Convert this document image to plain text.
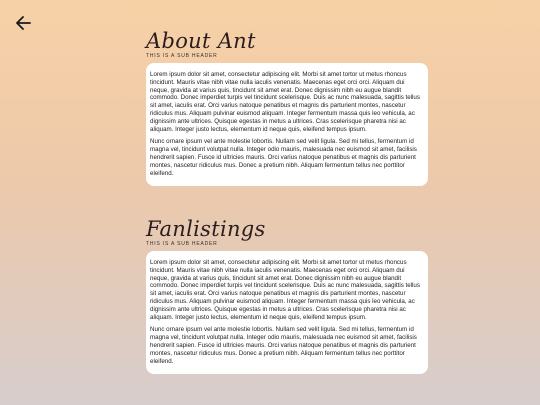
About Ant
THIS IS A SUB HEADER

Lorem ipsum dolor sit amet, consectetur adipiscing elit. Morbi sit amet tortor ut metus rhoncus tincidunt. Mauris vitae nibh vitae nulla iaculis venenatis. Maecenas eget orci orci. Aliquam dui neque, gravida at varius quis, tincidunt sit amet erat. Donec dignissim nibh eu augue blandit commodo. Donec imperdiet turpis vel tincidunt scelerisque. Duis ac nunc malesuada, sagittis tellus sit amet, iaculis erat. Orci varius natoque penatibus et magnis dis parturient montes, nascetur ridiculus mus. Aliquam pulvinar euismod aliquam. Integer fermentum massa quis leo vehicula, ac dignissim ante ultrices. Quisque egestas in metus a ultrices. Cras scelerisque pharetra nisi ac aliquam. Integer justo lectus, elementum id neque quis, eleifend tempus ipsum.

Nunc ornare ipsum vel ante molestie lobortis. Nullam sed velit ligula. Sed mi tellus, fermentum id magna vel, tincidunt volutpat nulla. Integer odio mauris, malesuada nec euismod sit amet, facilisis hendrerit sapien. Fusce id ultricies mauris. Orci varius natoque penatibus et magnis dis parturient montes, nascetur ridiculus mus. Donec a pretium nibh. Aliquam fermentum tellus nec porttitor eleifend.

Fanlistings
THIS IS A SUB HEADER

Lorem ipsum dolor sit amet, consectetur adipiscing elit. Morbi sit amet tortor ut metus rhoncus tincidunt. Mauris vitae nibh vitae nulla iaculis venenatis. Maecenas eget orci orci. Aliquam dui neque, gravida at varius quis, tincidunt sit amet erat. Donec dignissim nibh eu augue blandit commodo. Donec imperdiet turpis vel tincidunt scelerisque. Duis ac nunc malesuada, sagittis tellus sit amet, iaculis erat. Orci varius natoque penatibus et magnis dis parturient montes, nascetur ridiculus mus. Aliquam pulvinar euismod aliquam. Integer fermentum massa quis leo vehicula, ac dignissim ante ultrices. Quisque egestas in metus a ultrices. Cras scelerisque pharetra nisi ac aliquam. Integer justo lectus, elementum id neque quis, eleifend tempus ipsum.

Nunc ornare ipsum vel ante molestie lobortis. Nullam sed velit ligula. Sed mi tellus, fermentum id magna vel, tincidunt volutpat nulla. Integer odio mauris, malesuada nec euismod sit amet, facilisis hendrerit sapien. Fusce id ultricies mauris. Orci varius natoque penatibus et magnis dis parturient montes, nascetur ridiculus mus. Donec a pretium nibh. Aliquam fermentum tellus nec porttitor eleifend.
